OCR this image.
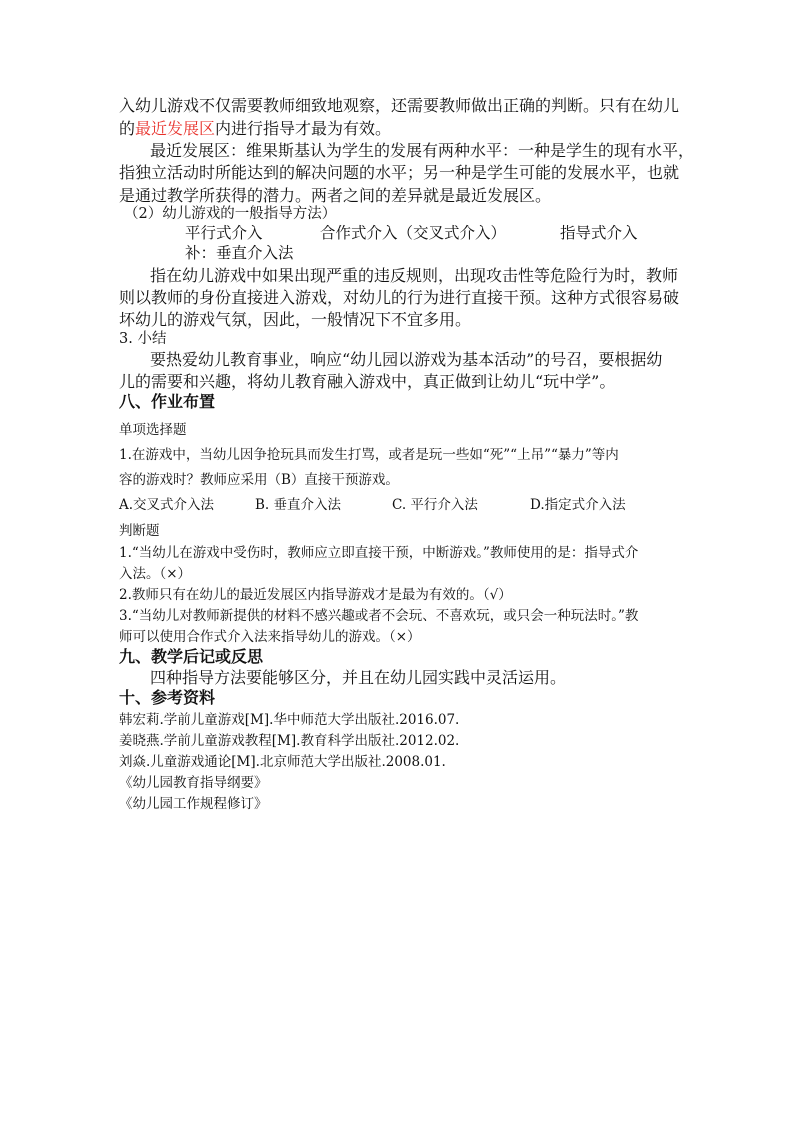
入幼儿游戏不仅需要教师细致地观察，还需要教师做出正确的判断。只有在幼儿
的最近发展区内进行指导才最为有效。
最近发展区：维果斯基认为学生的发展有两种水平：一种是学生的现有水平，
指独立活动时所能达到的解决问题的水平；另一种是学生可能的发展水平，也就
是通过教学所获得的潜力。两者之间的差异就是最近发展区。
（2）幼儿游戏的一般指导方法）
平行式介入	合作式介入（交叉式介入）	指导式介入
补：垂直介入法
指在幼儿游戏中如果出现严重的违反规则，出现攻击性等危险行为时，教师
则以教师的身份直接进入游戏，对幼儿的行为进行直接干预。这种方式很容易破
坏幼儿的游戏气氛，因此，一般情况下不宜多用。
3. 小结
要热爱幼儿教育事业，响应“幼儿园以游戏为基本活动”的号召，要根据幼
儿的需要和兴趣，将幼儿教育融入游戏中，真正做到让幼儿“玩中学”。
八、作业布置
单项选择题
1.在游戏中，当幼儿因争抢玩具而发生打骂，或者是玩一些如“死”“上吊”“暴力”等内
容的游戏时？教师应采用（B）直接干预游戏。
A.交叉式介入法	B. 垂直介入法	C. 平行介入法	D.指定式介入法
判断题
1.“当幼儿在游戏中受伤时，教师应立即直接干预，中断游戏。”教师使用的是：指导式介
入法。（×）
2.教师只有在幼儿的最近发展区内指导游戏才是最为有效的。（√）
3.“当幼儿对教师新提供的材料不感兴趣或者不会玩、不喜欢玩，或只会一种玩法时。”教
师可以使用合作式介入法来指导幼儿的游戏。（×）
九、教学后记或反思
四种指导方法要能够区分，并且在幼儿园实践中灵活运用。
十、参考资料
韩宏莉.学前儿童游戏[M].华中师范大学出版社.2016.07.
姜晓燕.学前儿童游戏教程[M].教育科学出版社.2012.02.
刘焱.儿童游戏通论[M].北京师范大学出版社.2008.01.
《幼儿园教育指导纲要》
《幼儿园工作规程修订》
